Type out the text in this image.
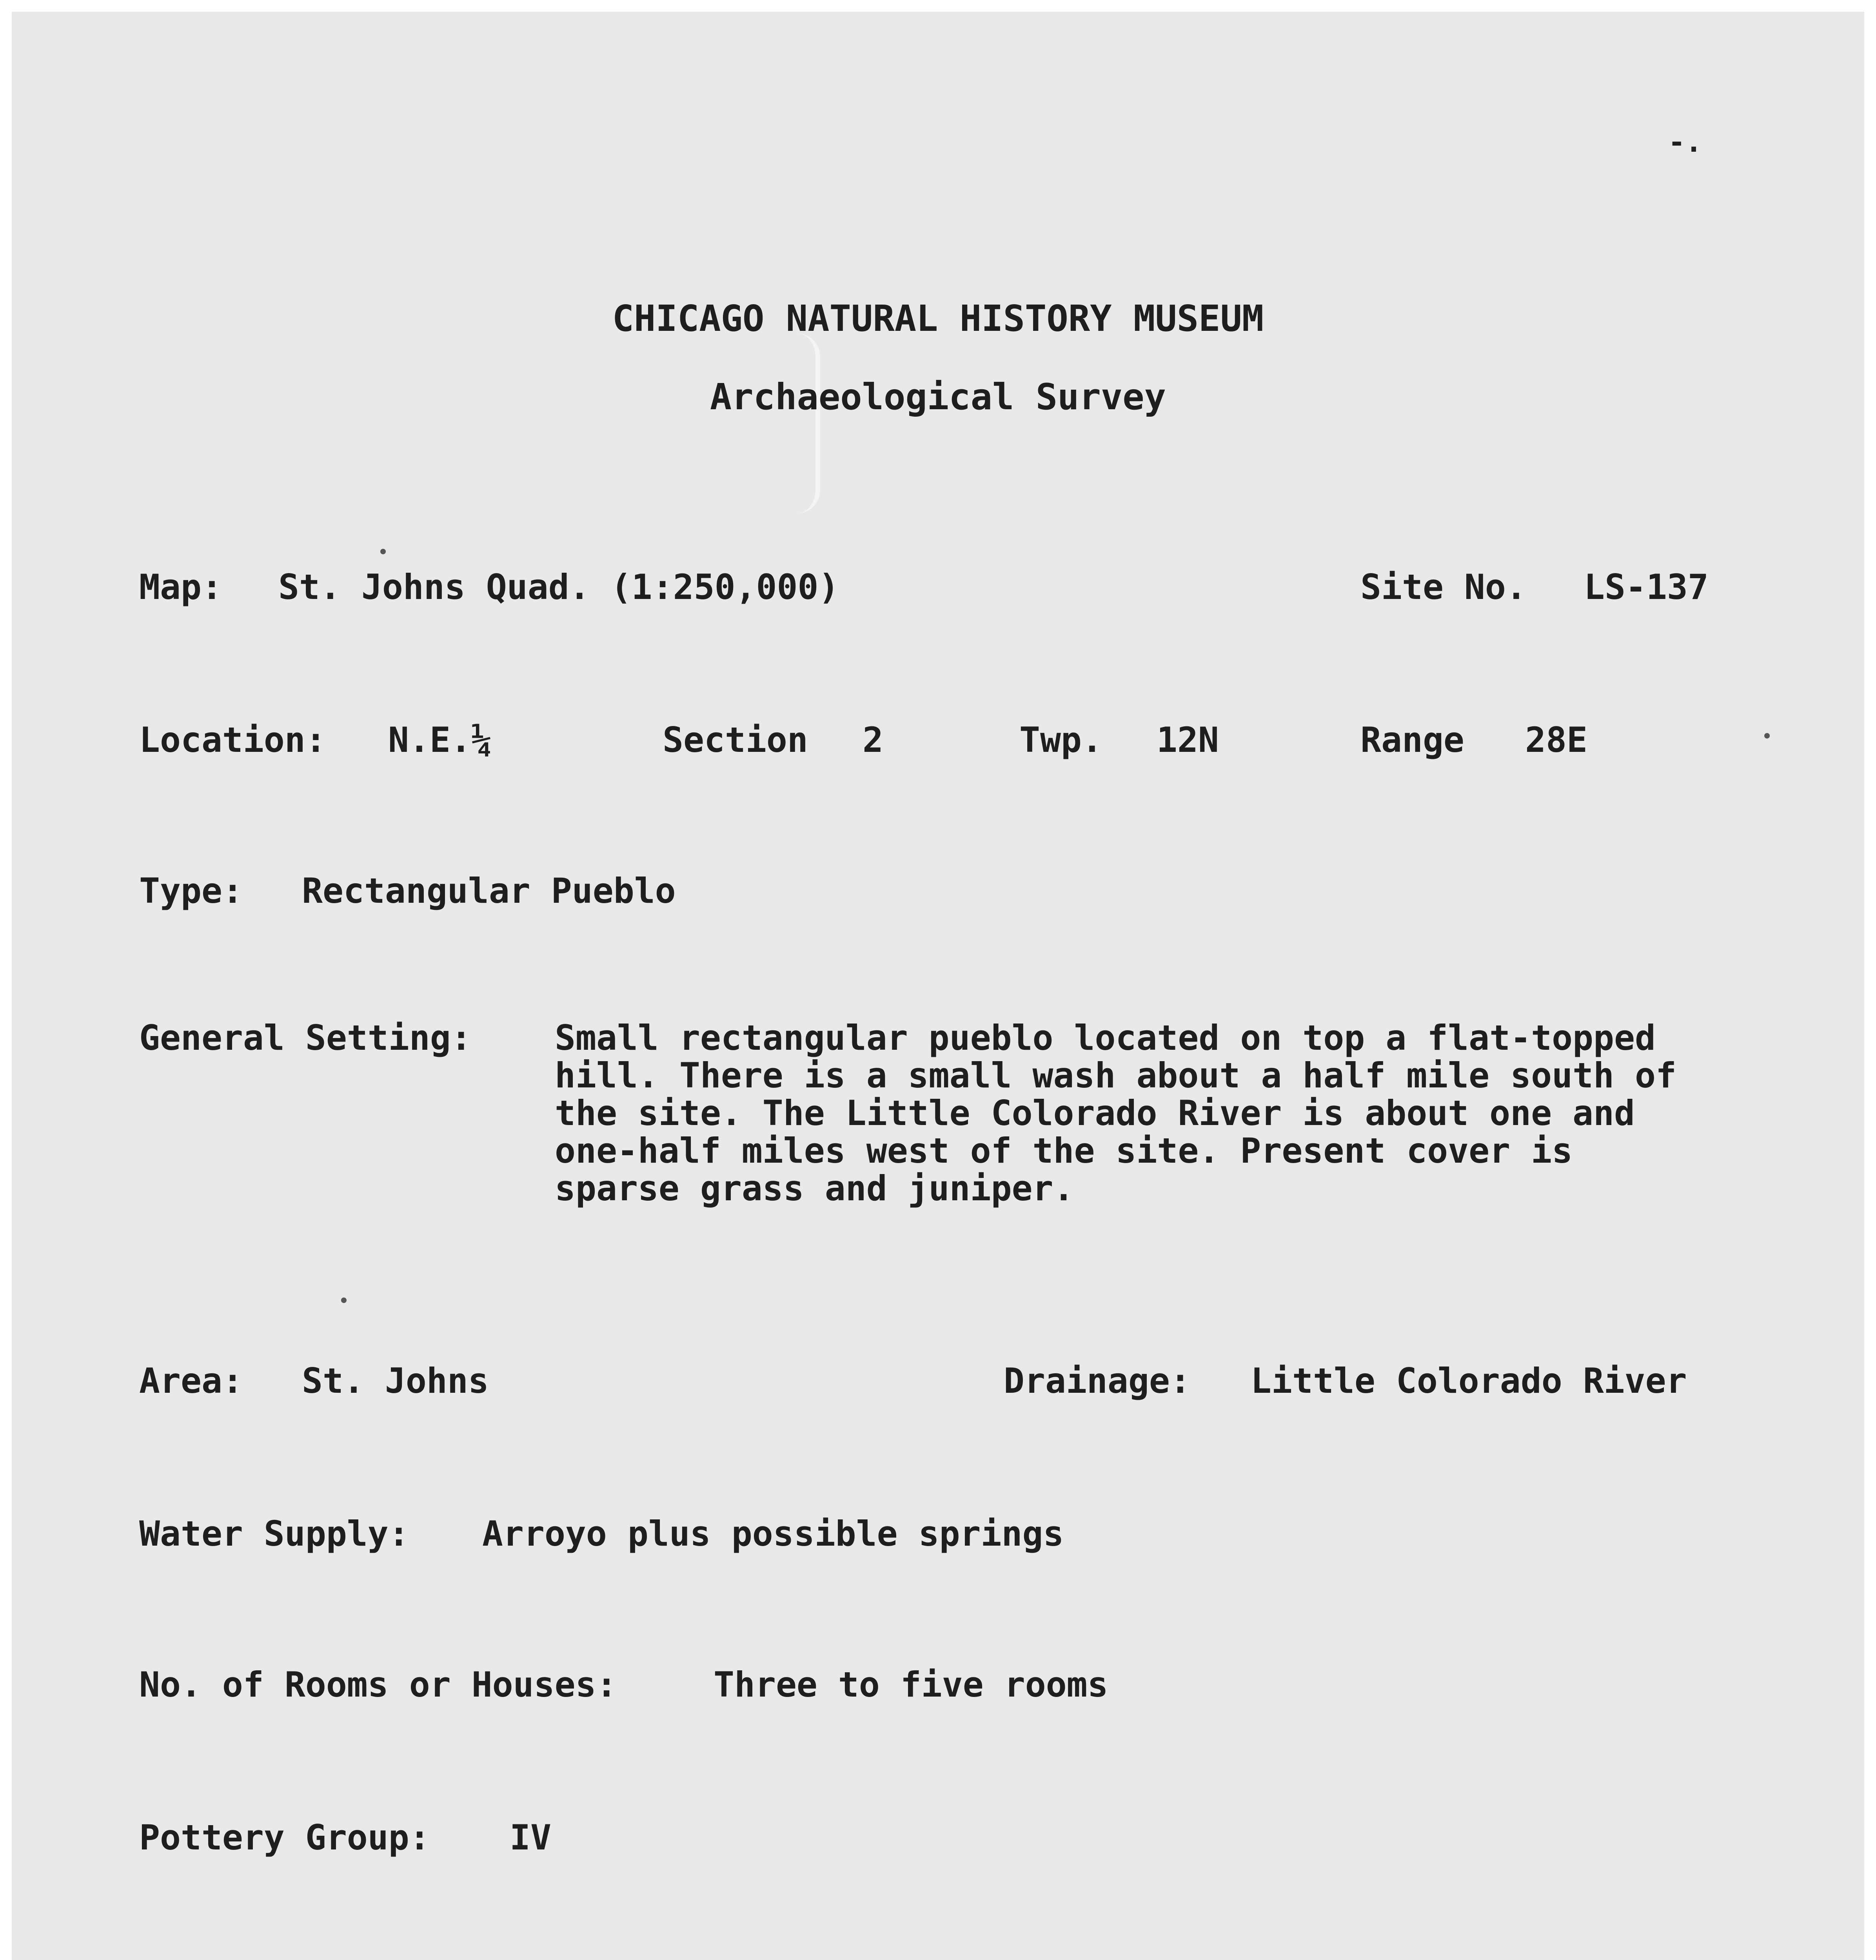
-.
CHICAGO NATURAL HISTORY MUSEUM
Archaeological Survey
Map: St. Johns Quad. (1:250,000)	Site No. LS-137
Location: N.E.¼	Section 2	Twp. 12N	Range 28E
Type: Rectangular Pueblo
General Setting: Small rectangular pueblo located on top a flat-topped hill. There is a small wash about a half mile south of the site. The Little Colorado River is about one and one-half miles west of the site. Present cover is sparse grass and juniper.
Area: St. Johns	Drainage: Little Colorado River
Water Supply: Arroyo plus possible springs
No. of Rooms or Houses:	Three to five rooms
Pottery Group: IV
